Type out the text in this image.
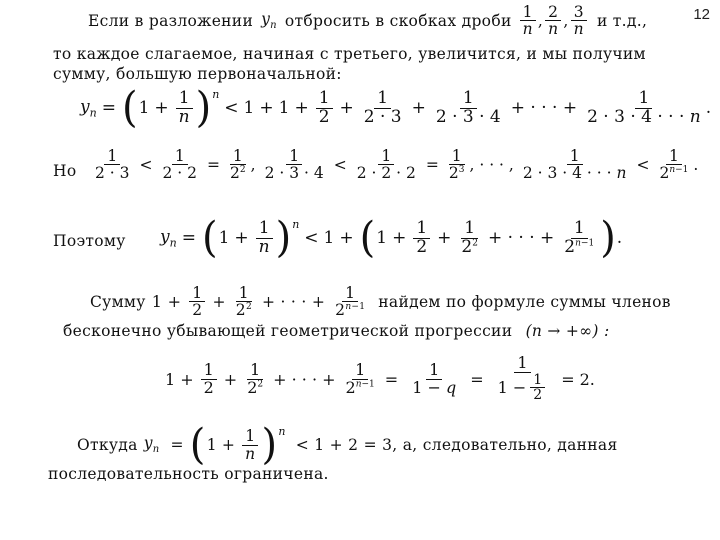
12
Если в разложении $y_n$ отбросить в скобках дроби $\frac{1}{n}$ , $\frac{2}{n}$ , $\frac{3}{n}$ и т.д.,
то каждое слагаемое, начиная с третьего, увеличится, и мы получим
сумму, большую первоначальной:
$y_n$ = ( $1 + \frac{1}{n}$ ) n
< $1 + 1 + \frac{1}{2} + \frac{1}{2 \cdot 3} + \frac{1}{2 \cdot 3 \cdot 4}$ + · · · + $\frac{1}{2 \cdot 3 \cdot 4 \cdot \cdot \cdot n}$ .
Но $\frac{1}{2 \cdot 3} < \frac{1}{2 \cdot 2} = \frac{1}{2^2}$ , $\frac{1}{2 \cdot 3 \cdot 4} < \frac{1}{2 \cdot 2 \cdot 2} = \frac{1}{2^3}$ , · · · , $\frac{1}{2 \cdot 3 \cdot 4 \cdot \cdot \cdot n} < \frac{1}{2^{n-1}}$ .
Поэтому $y_n$ = ( $1 + \frac{1}{n}$ ) n
< 1 + ( $1 + \frac{1}{2} + \frac{1}{2^2}$ + · · · + $\frac{1}{2^{n-1}}$ ) .
Сумму $1 + \frac{1}{2} + \frac{1}{2^2}$ + · · · + $\frac{1}{2^{n-1}}$ найдем по формуле суммы членов
бесконечно убывающей геометрической прогрессии (n → +∞) :
$1 + \frac{1}{2} + \frac{1}{2^2}$ + · · · + $\frac{1}{2^{n-1}} = \frac{1}{1 - q} = \frac{1}{1 - \frac{1}{2}} = 2$.
Откуда $y_n$ = ( $1 + \frac{1}{n}$ ) n
< 1 + 2 = 3, а, следовательно, данная
последовательность ограничена.
